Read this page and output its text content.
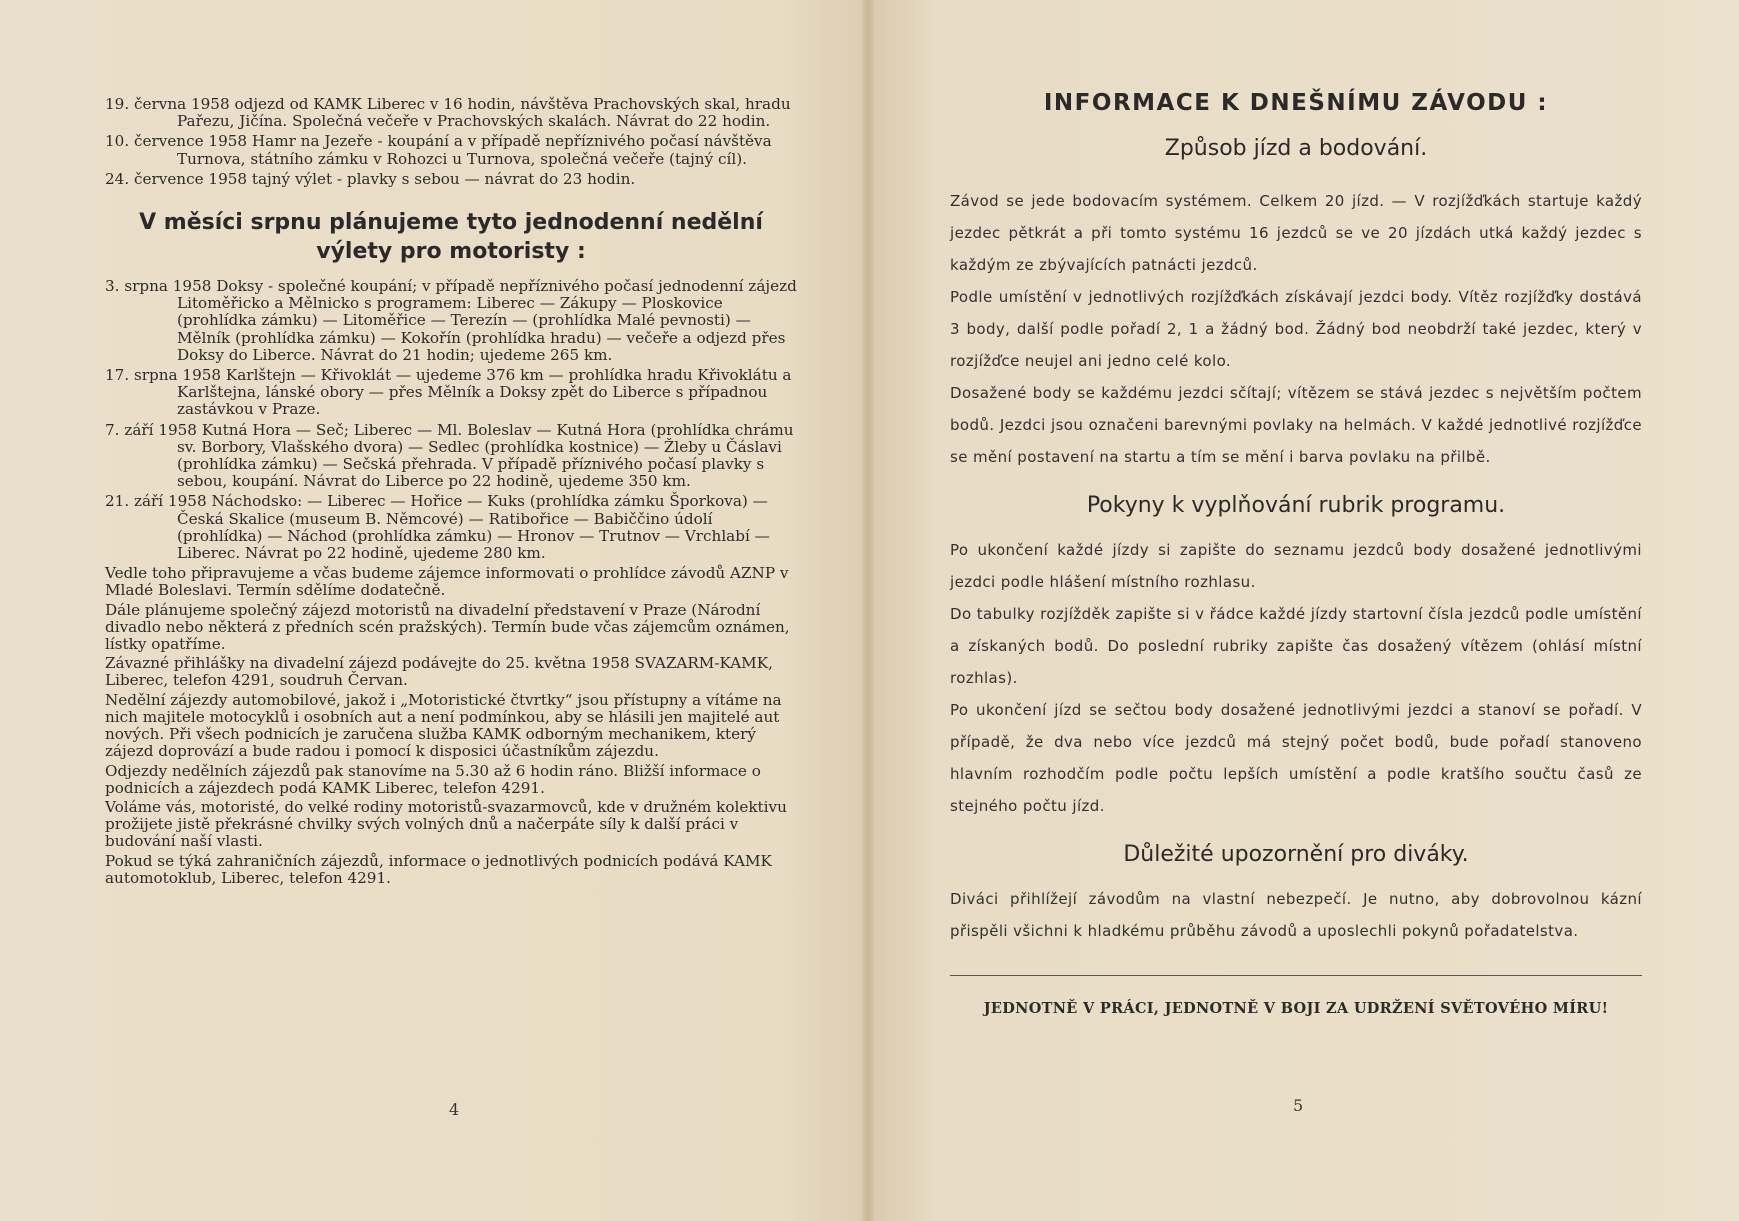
19. června 1958 odjezd od KAMK Liberec v 16 hodin, návštěva Prachovských skal, hradu Pařezu, Jičína. Společná večeře v Prachovských skalách. Návrat do 22 hodin.

10. července 1958 Hamr na Jezeře - koupání a v případě nepříznivého počasí návštěva Turnova, státního zámku v Rohozci u Turnova, společná večeře (tajný cíl).

24. července 1958 tajný výlet - plavky s sebou — návrat do 23 hodin.

V měsíci srpnu plánujeme tyto jednodenní nedělní výlety pro motoristy :

3. srpna 1958 Doksy - společné koupání; v případě nepříznivého počasí jednodenní zájezd Litoměřicko a Mělnicko s programem: Liberec — Zákupy — Ploskovice (prohlídka zámku) — Litoměřice — Terezín — (prohlídka Malé pevnosti) — Mělník (prohlídka zámku) — Kokořín (prohlídka hradu) — večeře a odjezd přes Doksy do Liberce. Návrat do 21 hodin; ujedeme 265 km.

17. srpna 1958 Karlštejn — Křivoklát — ujedeme 376 km — prohlídka hradu Křivoklátu a Karlštejna, lánské obory — přes Mělník a Doksy zpět do Liberce s případnou zastávkou v Praze.

7. září 1958 Kutná Hora — Seč; Liberec — Ml. Boleslav — Kutná Hora (prohlídka chrámu sv. Borbory, Vlašského dvora) — Sedlec (prohlídka kostnice) — Žleby u Čáslavi (prohlídka zámku) — Sečská přehrada. V případě příznivého počasí plavky s sebou, koupání. Návrat do Liberce po 22 hodině, ujedeme 350 km.

21. září 1958 Náchodsko: — Liberec — Hořice — Kuks (prohlídka zámku Šporkova) — Česká Skalice (museum B. Němcové) — Ratibořice — Babiččino údolí (prohlídka) — Náchod (prohlídka zámku) — Hronov — Trutnov — Vrchlabí — Liberec. Návrat po 22 hodině, ujedeme 280 km.

Vedle toho připravujeme a včas budeme zájemce informovati o prohlídce závodů AZNP v Mladé Boleslavi. Termín sdělíme dodatečně.

Dále plánujeme společný zájezd motoristů na divadelní představení v Praze (Národní divadlo nebo některá z předních scén pražských). Termín bude včas zájemcům oznámen, lístky opatříme.

Závazné přihlášky na divadelní zájezd podávejte do 25. května 1958 SVAZARM-KAMK, Liberec, telefon 4291, soudruh Červan.

Nedělní zájezdy automobilové, jakož i „Motoristické čtvrtky“ jsou přístupny a vítáme na nich majitele motocyklů i osobních aut a není podmínkou, aby se hlásili jen majitelé aut nových. Při všech podnicích je zaručena služba KAMK odborným mechanikem, který zájezd doprovází a bude radou i pomocí k disposici účastníkům zájezdu.

Odjezdy nedělních zájezdů pak stanovíme na 5.30 až 6 hodin ráno. Bližší informace o podnicích a zájezdech podá KAMK Liberec, telefon 4291.

Voláme vás, motoristé, do velké rodiny motoristů-svazarmovců, kde v družném kolektivu prožijete jistě překrásné chvilky svých volných dnů a načerpáte síly k další práci v budování naší vlasti.

Pokud se týká zahraničních zájezdů, informace o jednotlivých podnicích podává KAMK automotoklub, Liberec, telefon 4291.

4
INFORMACE K DNEŠNÍMU ZÁVODU :
Způsob jízd a bodování.

Závod se jede bodovacím systémem. Celkem 20 jízd. — V rozjížďkách startuje každý jezdec pětkrát a při tomto systému 16 jezdců se ve 20 jízdách utká každý jezdec s každým ze zbývajících patnácti jezdců.

Podle umístění v jednotlivých rozjížďkách získávají jezdci body. Vítěz rozjížďky dostává 3 body, další podle pořadí 2, 1 a žádný bod. Žádný bod neobdrží také jezdec, který v rozjížďce neujel ani jedno celé kolo.

Dosažené body se každému jezdci sčítají; vítězem se stává jezdec s největším počtem bodů. Jezdci jsou označeni barevnými povlaky na helmách. V každé jednotlivé rozjížďce se mění postavení na startu a tím se mění i barva povlaku na přilbě.

Pokyny k vyplňování rubrik programu.

Po ukončení každé jízdy si zapište do seznamu jezdců body dosažené jednotlivými jezdci podle hlášení místního rozhlasu.

Do tabulky rozjížděk zapište si v řádce každé jízdy startovní čísla jezdců podle umístění a získaných bodů. Do poslední rubriky zapište čas dosažený vítězem (ohlásí místní rozhlas).

Po ukončení jízd se sečtou body dosažené jednotlivými jezdci a stanoví se pořadí. V případě, že dva nebo více jezdců má stejný počet bodů, bude pořadí stanoveno hlavním rozhodčím podle počtu lepších umístění a podle kratšího součtu časů ze stejného počtu jízd.

Důležité upozornění pro diváky.

Diváci přihlížejí závodům na vlastní nebezpečí. Je nutno, aby dobrovolnou kázní přispěli všichni k hladkému průběhu závodů a uposlechli pokynů pořadatelstva.

JEDNOTNĚ V PRÁCI, JEDNOTNĚ V BOJI ZA UDRŽENÍ SVĚTOVÉHO MÍRU!

5
